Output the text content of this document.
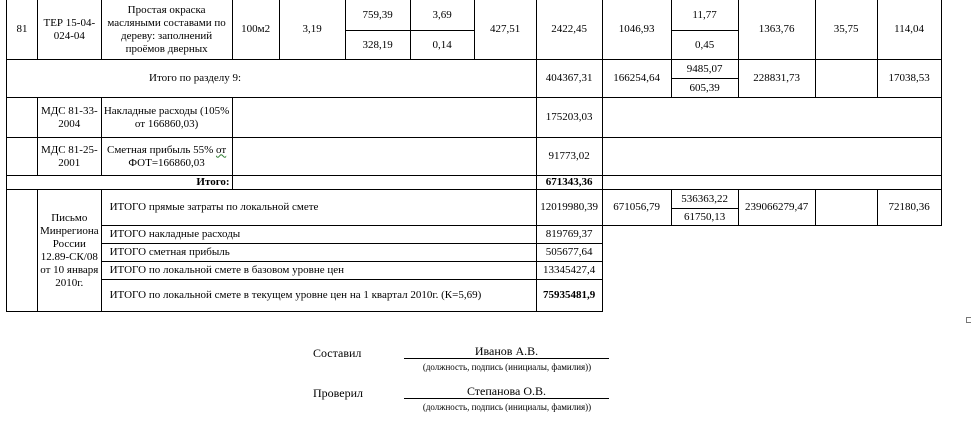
81	ТЕР 15-04-024-04	Простая окраска масляными составами по дереву: заполнений проёмов дверных	100м2	3,19	759,39	3,69	427,51	2422,45	1046,93	11,77	1363,76	35,75	114,04
					328,19	0,14				0,45			
Итого по разделу 9:								404367,31	166254,64	9485,07	228831,73		17038,53
										605,39			
	МДС 81-33-2004	Накладные расходы (105% от 166860,03)						175203,03					
	МДС 81-25-2001	Сметная прибыль 55% от
ФОТ=166860,03						91773,02					
Итого:								671343,36					
	Письмо Минрегиона России 12.89-СК/08 от 10 января 2010г.	ИТОГО прямые затраты по локальной смете						12019980,39	671056,79	536363,22	239066279,47		72180,36
										61750,13			
		ИТОГО накладные расходы						819769,37					
		ИТОГО сметная прибыль						505677,64					
		ИТОГО по локальной смете в базовом уровне цен						13345427,4					
		ИТОГО по локальной смете в текущем уровне цен на 1 квартал 2010г. (К=5,69)						75935481,9					
Составил	Иванов А.В.
(должность, подпись (инициалы, фамилия))
Проверил	Степанова О.В.
(должность, подпись (инициалы, фамилия))
